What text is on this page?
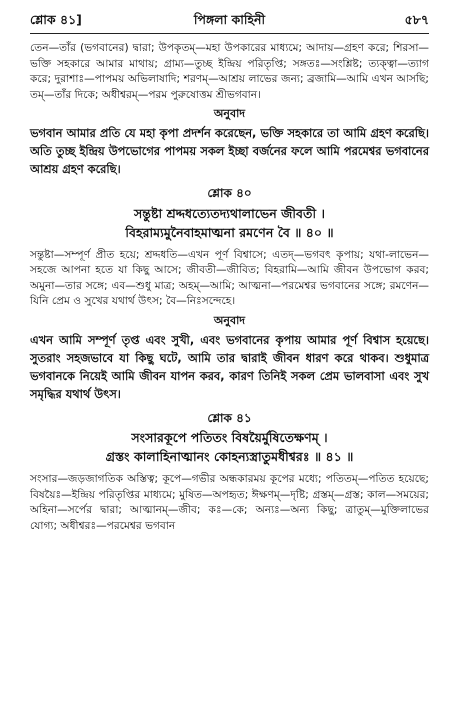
শ্লোক ৪১]	পিঙ্গলা কাহিনী	৫৮৭

তেন—তাঁর (ভগবানের) দ্বারা; উপকৃতম্—মহা উপকারের মাধ্যমে; আদায়—গ্রহণ করে; শিরসা—ভক্তি সহকারে আমার মাথায়; গ্রাম্য—তুচ্ছ ইন্দ্রিয় পরিতৃপ্তি; সঙ্গতঃ—সংশ্লিষ্ট; ত্যক্ত্বা—ত্যাগ করে; দুরাশাঃ—পাপময় অভিলাষাদি; শরণম্—আশ্রয় লাভের জন্য; ব্রজামি—আমি এখন আসছি; তম্—তাঁর দিকে; অধীশ্বরম্—পরম পুরুষোত্তম শ্রীভগবান।

অনুবাদ

ভগবান আমার প্রতি যে মহা কৃপা প্রদর্শন করেছেন, ভক্তি সহকারে তা আমি গ্রহণ করেছি। অতি তুচ্ছ ইন্দ্রিয় উপভোগের পাপময় সকল ইচ্ছা বর্জনের ফলে আমি পরমেশ্বর ভগবানের আশ্রয় গ্রহণ করেছি।

শ্লোক ৪০
সন্তুষ্টা শ্রদ্দধত্যেতদ্যথালাভেন জীবতী ।
বিহরাম্যমুনৈবাহমাত্মনা রমণেন বৈ ॥ ৪০ ॥

সন্তুষ্টা—সম্পূর্ণ প্রীত হয়ে; শ্রদ্দধতি—এখন পূর্ণ বিশ্বাসে; এতদ্—ভগবৎ কৃপায়; যথা-লাভেন—সহজে আপনা হতে যা কিছু আসে; জীবতী—জীবিত; বিহরামি—আমি জীবন উপভোগ করব; অমুনা—তার সঙ্গে; এব—শুধু মাত্র; অহম্—আমি; আত্মনা—পরমেশ্বর ভগবানের সঙ্গে; রমণেন—যিনি প্রেম ও সুখের যথার্থ উৎস; বৈ—নিঃসন্দেহে।

অনুবাদ

এখন আমি সম্পূর্ণ তৃপ্ত এবং সুখী, এবং ভগবানের কৃপায় আমার পূর্ণ বিশ্বাস হয়েছে। সুতরাং সহজভাবে যা কিছু ঘটে, আমি তার দ্বারাই জীবন ধারণ করে থাকব। শুধুমাত্র ভগবানকে নিয়েই আমি জীবন যাপন করব, কারণ তিনিই সকল প্রেম ভালবাসা এবং সুখ সমৃদ্ধির যথার্থ উৎস।

শ্লোক ৪১
সংসারকূপে পতিতং বিষয়ৈর্মুষিতেক্ষণম্ ।
গ্রস্তং কালাহিনাত্মানং কোহন্যস্ত্রাতুমধীশ্বরঃ ॥ ৪১ ॥

সংসার—জড়জাগতিক অস্তিত্ব; কূপে—গভীর অন্ধকারময় কূপের মধ্যে; পতিতম্—পতিত হয়েছে; বিষয়ৈঃ—ইন্দ্রিয় পরিতৃপ্তির মাধ্যমে; মুষিত—অপহৃত; ঈক্ষণম্—দৃষ্টি; গ্রস্তম্—গ্রস্ত; কাল—সময়ের; অহিনা—সর্পের দ্বারা; আত্মানম্—জীব; কঃ—কে; অন্যঃ—অন্য কিছু; ত্রাতুম্—মুক্তিলাভের যোগ্য; অধীশ্বরঃ—পরমেশ্বর ভগবান
